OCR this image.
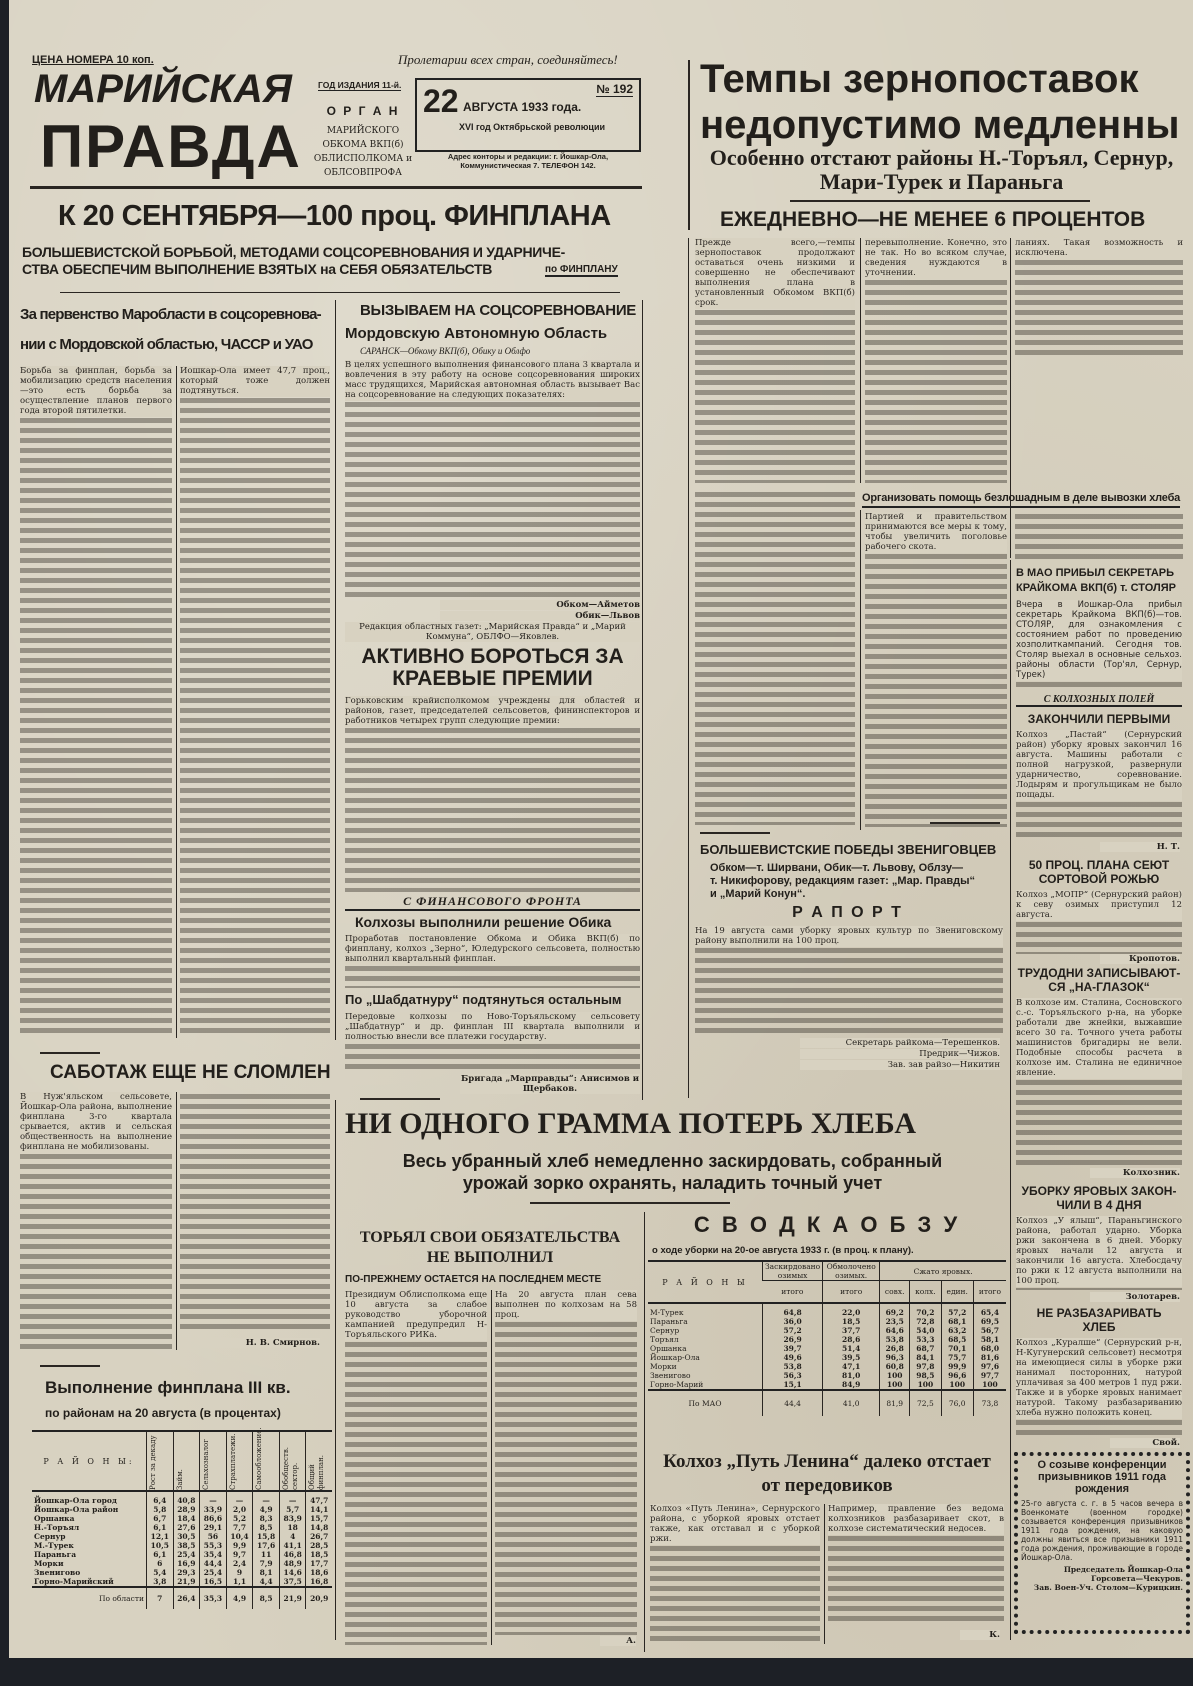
ЦЕНА НОМЕРА 10 коп.	Пролетарии всех стран, соединяйтесь!
МАРИЙСКАЯ
ПРАВДА
ГОД ИЗДАНИЯ 11-й.
О Р Г А Н
МАРИЙСКОГО
ОБКОМА ВКП(б)
ОБЛИСПОЛКОМА и
ОБЛСОВПРОФА
№ 192
22 АВГУСТА 1933 года.
XVI год Октябрьской революции
Адрес конторы и редакции: г. Йошкар-Ола, Коммунистическая 7. ТЕЛЕФОН 142.
К 20 СЕНТЯБРЯ—100 проц. ФИНПЛАНА
БОЛЬШЕВИСТСКОЙ БОРЬБОЙ, МЕТОДАМИ СОЦСОРЕВНОВАНИЯ И УДАРНИЧЕ-
СТВА ОБЕСПЕЧИМ ВЫПОЛНЕНИЕ ВЗЯТЫХ на СЕБЯ ОБЯЗАТЕЛЬСТВ	по ФИНПЛАНУ
Темпы зернопоставок
недопустимо медленны
Особенно отстают районы Н.-Торъял, Сернур,
Мари-Турек и Параньга
ЕЖЕДНЕВНО—НЕ МЕНЕЕ 6 ПРОЦЕНТОВ
Прежде всего,—темпы зернопоставок продолжают оставаться очень низкими и совершенно не обеспечивают выполнения плана в установленный Обкомом ВКП(б) срок.
перевыполнение. Конечно, это не так. Но во всяком случае, сведения нуждаются в уточнении.
ланиях. Такая возможность и исключена.
За первенство Маробласти в соцсоревнова-
нии с Мордовской областью, ЧАССР и УАО
Борьба за финплан, борьба за мобилизацию средств населения—это есть борьба за осуществление планов первого года второй пятилетки.
Йошкар-Ола имеет 47,7 проц., который тоже должен подтянуться.
ВЫЗЫВАЕМ НА СОЦСОРЕВНОВАНИЕ
Мордовскую Автономную Область
САРАНСК—Обкому ВКП(б), Обику и Облфо
В целях успешного выполнения финансового плана 3 квартала и вовлечения в эту работу на основе соцсоревнования широких масс трудящихся, Марийская автономная область вызывает Вас на соцсоревнование на следующих показателях:
Обком—Айметов
Обик—Львов
Редакция областных газет: „Марийская Правда“ и „Марий Коммуна“, ОБЛФО—Яковлев.
АКТИВНО БОРОТЬСЯ ЗА
КРАЕВЫЕ ПРЕМИИ
Горьковским крайисполкомом учреждены для областей и районов, газет, председателей сельсоветов, фининспекторов и работников четырех групп следующие премии:
С ФИНАНСОВОГО ФРОНТА
Колхозы выполнили решение Обика
Проработав постановление Обкома и Обика ВКП(б) по финплану, колхоз „Зерно“, Юледурского сельсовета, полностью выполнил квартальный финплан.
По „Шабдатнуру“ подтянуться остальным
Передовые колхозы по Ново-Торъяльскому сельсовету „Шабдатнур“ и др. финплан III квартала выполнили и полностью внесли все платежи государству.
Бригада „Марправды“: Анисимов и Щербаков.
САБОТАЖ ЕЩЕ НЕ СЛОМЛЕН
В Нуж'яльском сельсовете, Йошкар-Ола района, выполнение финплана 3-го квартала срывается, актив и сельская общественность на выполнение финплана не мобилизованы.
Н. В. Смирнов.
Выполнение финплана III кв.
по районам на 20 августа (в процентах)
Р А Й О Н Ы:	Рост за декаду	Займ.	Сельхозналог	Страхплатежи.	Самообложение.	Обобществ. сектор.	Общий финплан.

Йошкар-Ола город	6,4	40,8	—	—	—	—	47,7
Йошкар-Ола район	5,8	28,9	33,9	2,0	4,9	5,7	14,1
Оршанка	6,7	18,4	86,6	5,2	8,3	83,9	15,7
Н.-Торъял	6,1	27,6	29,1	7,7	8,5	18	14,8
Сернур	12,1	30,5	56	10,4	15,8	4	26,7
М.-Турек	10,5	38,5	55,3	9,9	17,6	41,1	28,5
Параньга	6,1	25,4	35,4	9,7	11	46,8	18,5
Морки	6	16,9	44,4	2,4	7,9	48,9	17,7
Звенигово	5,4	29,3	25,4	9	8,1	14,6	18,6
Горно-Марийский	3,8	21,9	16,5	1,1	4,4	37,5	16,8
По области	7	26,4	35,3	4,9	8,5	21,9	20,9
Организовать помощь безлошадным в деле вывозки хлеба
Партией и правительством принимаются все меры к тому, чтобы увеличить поголовье рабочего скота.
В МАО ПРИБЫЛ СЕКРЕТАРЬ
КРАЙКОМА ВКП(б) т. СТОЛЯР
Вчера в Йошкар-Ола прибыл секретарь Крайкома ВКП(б)—тов. СТОЛЯР, для ознакомления с состоянием работ по проведению хозполиткампаний. Сегодня тов. Столяр выехал в основные сельхоз. районы области (Тор'ял, Сернур, Турек)
С КОЛХОЗНЫХ ПОЛЕЙ
ЗАКОНЧИЛИ ПЕРВЫМИ
Колхоз „Пастай“ (Сернурский район) уборку яровых закончил 16 августа. Машины работали с полной нагрузкой, развернули ударничество, соревнование. Лодырям и прогульщикам не было пощады.
Н. Т.
50 ПРОЦ. ПЛАНА СЕЮТ
СОРТОВОЙ РОЖЬЮ
Колхоз „МОПР“ (Сернурский район) к севу озимых приступил 12 августа.
Кропотов.
ТРУДОДНИ ЗАПИСЫВАЮТ-
СЯ „НА-ГЛАЗОК“
В колхозе им. Сталина, Сосновского с.-с. Торъяльского р-на, на уборке работали две жнейки, выжавшие всего 30 га. Точного учета работы машинистов бригадиры не вели. Подобные способы расчета в колхозе им. Сталина не единичное явление.
Колхозник.
УБОРКУ ЯРОВЫХ ЗАКОН-
ЧИЛИ В 4 ДНЯ
Колхоз „У ялыш“, Параньгинского района, работал ударно. Уборка ржи закончена в 6 дней. Уборку яровых начали 12 августа и закончили 16 августа. Хлебосдачу по ржи к 12 августа выполнили на 100 проц.
Золотарев.
НЕ РАЗБАЗАРИВАТЬ
ХЛЕБ
Колхоз „Куралше“ (Сернурский р-н, Н-Кугунерский сельсовет) несмотря на имеющиеся силы в уборке ржи нанимал посторонних, натурой уплачивая за 400 метров 1 пуд ржи. Также и в уборке яровых нанимает натурой. Такому разбазариванию хлеба нужно положить конец.
Свой.
О созыве конференции призывников 1911 года рождения
25-го августа с. г. в 5 часов вечера в Военкомате (военном городке) созывается конференция призывников 1911 года рождения, на каковую должны явиться все призывники 1911 года рождения, проживающие в городе Йошкар-Ола.
Председатель Йошкар-Ола Горсовета—Чекуров.
Зав. Воен-Уч. Столом—Курицкин.
БОЛЬШЕВИСТСКИЕ ПОБЕДЫ ЗВЕНИГОВЦЕВ
Обком—т. Ширвани, Обик—т. Львову, Облзу—
т. Никифорову, редакциям газет: „Мар. Правды“
и „Марий Конун“.
Р А П О Р Т
На 19 августа сами уборку яровых культур по Звениговскому району выполнили на 100 проц.
Секретарь райкома—Терешенков.
Предрик—Чижов.
Зав. зав райзо—Никитин
НИ ОДНОГО ГРАММА ПОТЕРЬ ХЛЕБА
Весь убранный хлеб немедленно заскирдовать, собранный
урожай зорко охранять, наладить точный учет
ТОРЬЯЛ СВОИ ОБЯЗАТЕЛЬСТВА
НЕ ВЫПОЛНИЛ
ПО-ПРЕЖНЕМУ ОСТАЕТСЯ НА ПОСЛЕДНЕМ МЕСТЕ
Президиум Облисполкома еще 10 августа за слабое руководство уборочной кампанией предупредил Н-Торъяльского РИКа.
На 20 августа план сева выполнен по колхозам на 58 проц.
А.
С В О Д К А О Б З У
о ходе уборки на 20-ое августа 1933 г. (в проц. к плану).
Р А Й О Н Ы	Заскирдовано озимых	Обмолочено озимых.	Сжато яровых.			
	итого	итого	совх.	колх.	един.	итого
М-Турек	64,8	22,0	69,2	70,2	57,2	65,4
Параньга	36,0	18,5	23,5	72,8	68,1	69,5
Сернур	57,2	37,7	64,6	54,0	63,2	56,7
Торъял	26,9	28,6	53,8	53,3	68,5	58,1
Оршанка	39,7	51,4	26,8	68,7	70,1	68,0
Йошкар-Ола	49,6	39,5	96,3	84,1	75,7	81,6
Морки	53,8	47,1	60,8	97,8	99,9	97,6
Звенигово	56,3	81,0	100	98,5	96,6	97,7
Горно-Марий	15,1	84,9	100	100	100	100
По МАО	44,4	41,0	81,9	72,5	76,0	73,8
Колхоз „Путь Ленина“ далеко отстает
от передовиков
Колхоз «Путь Ленина», Сернурского района, с уборкой яровых отстает также, как отставал и с уборкой ржи.
Например, правление без ведома колхозников разбазаривает скот, в колхозе систематический недосев.
К.
